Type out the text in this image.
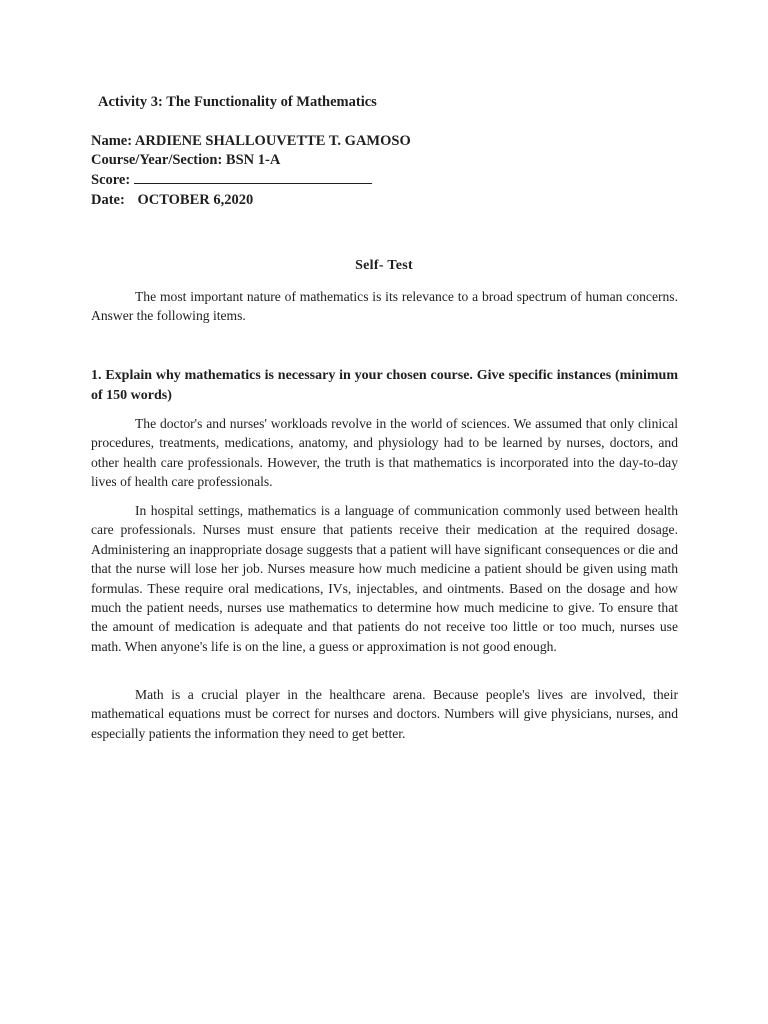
Activity 3: The Functionality of Mathematics
Name: ARDIENE SHALLOUVETTE T. GAMOSO
Course/Year/Section: BSN 1-A
Score:
Date: OCTOBER 6,2020
Self- Test

The most important nature of mathematics is its relevance to a broad spectrum of human concerns. Answer the following items.

1. Explain why mathematics is necessary in your chosen course. Give specific instances (minimum of 150 words)

The doctor's and nurses' workloads revolve in the world of sciences. We assumed that only clinical procedures, treatments, medications, anatomy, and physiology had to be learned by nurses, doctors, and other health care professionals. However, the truth is that mathematics is incorporated into the day-to-day lives of health care professionals.

In hospital settings, mathematics is a language of communication commonly used between health care professionals. Nurses must ensure that patients receive their medication at the required dosage. Administering an inappropriate dosage suggests that a patient will have significant consequences or die and that the nurse will lose her job. Nurses measure how much medicine a patient should be given using math formulas. These require oral medications, IVs, injectables, and ointments. Based on the dosage and how much the patient needs, nurses use mathematics to determine how much medicine to give. To ensure that the amount of medication is adequate and that patients do not receive too little or too much, nurses use math. When anyone's life is on the line, a guess or approximation is not good enough.

Math is a crucial player in the healthcare arena. Because people's lives are involved, their mathematical equations must be correct for nurses and doctors. Numbers will give physicians, nurses, and especially patients the information they need to get better.
